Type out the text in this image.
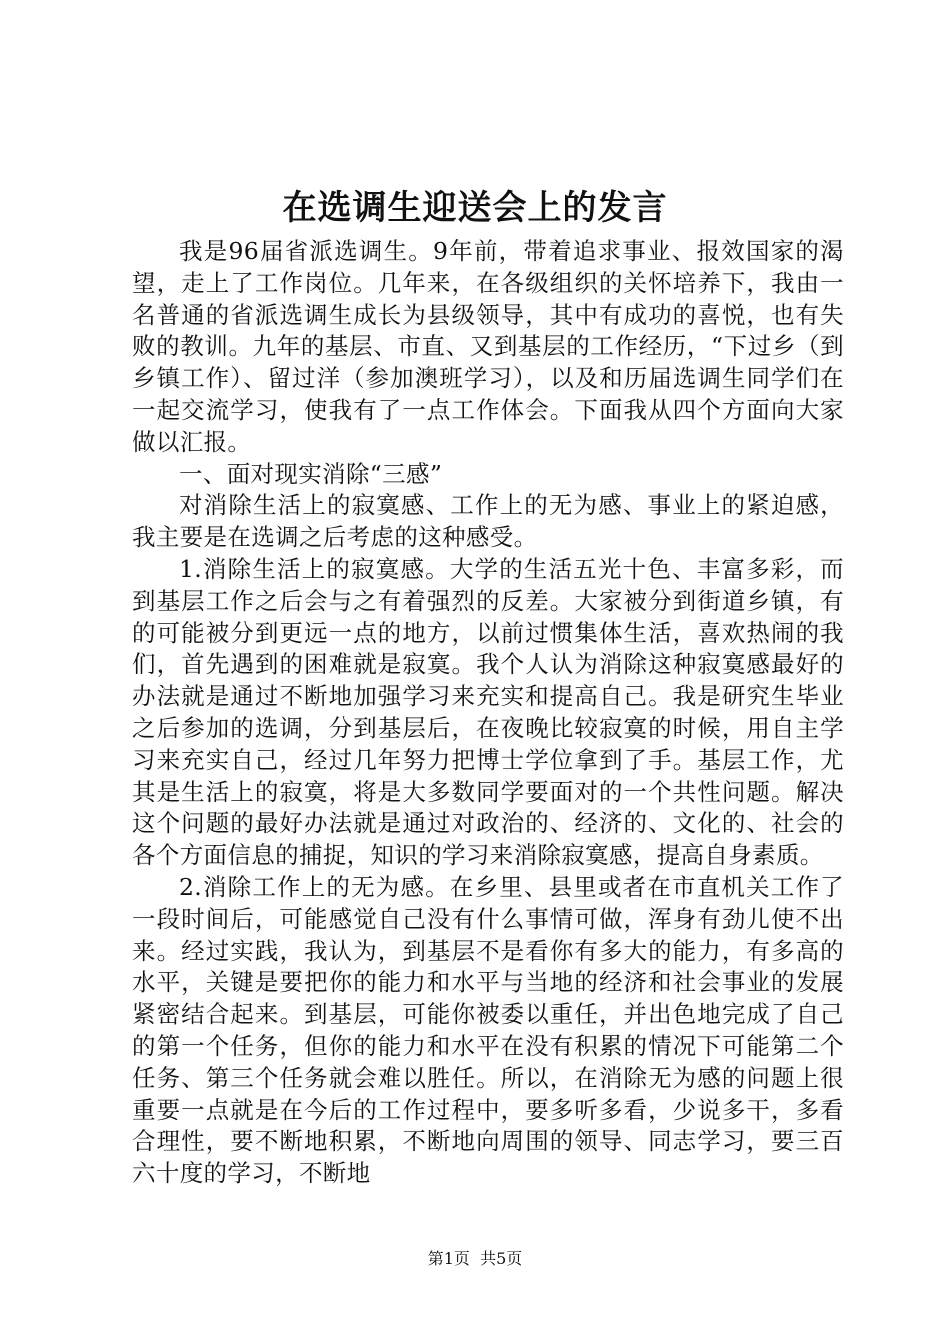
在选调生迎送会上的发言

我是96届省派选调生。9年前，带着追求事业、报效国家的渴望，走上了工作岗位。几年来，在各级组织的关怀培养下，我由一名普通的省派选调生成长为县级领导，其中有成功的喜悦，也有失败的教训。九年的基层、市直、又到基层的工作经历，“下过乡（到乡镇工作）、留过洋（参加澳班学习），以及和历届选调生同学们在一起交流学习，使我有了一点工作体会。下面我从四个方面向大家做以汇报。

一、面对现实消除“三感”

对消除生活上的寂寞感、工作上的无为感、事业上的紧迫感，我主要是在选调之后考虑的这种感受。

1.消除生活上的寂寞感。大学的生活五光十色、丰富多彩，而到基层工作之后会与之有着强烈的反差。大家被分到街道乡镇，有的可能被分到更远一点的地方，以前过惯集体生活，喜欢热闹的我们，首先遇到的困难就是寂寞。我个人认为消除这种寂寞感最好的办法就是通过不断地加强学习来充实和提高自己。我是研究生毕业之后参加的选调，分到基层后，在夜晚比较寂寞的时候，用自主学习来充实自己，经过几年努力把博士学位拿到了手。基层工作，尤其是生活上的寂寞，将是大多数同学要面对的一个共性问题。解决这个问题的最好办法就是通过对政治的、经济的、文化的、社会的各个方面信息的捕捉，知识的学习来消除寂寞感，提高自身素质。

2.消除工作上的无为感。在乡里、县里或者在市直机关工作了一段时间后，可能感觉自己没有什么事情可做，浑身有劲儿使不出来。经过实践，我认为，到基层不是看你有多大的能力，有多高的水平，关键是要把你的能力和水平与当地的经济和社会事业的发展紧密结合起来。到基层，可能你被委以重任，并出色地完成了自己的第一个任务，但你的能力和水平在没有积累的情况下可能第二个任务、第三个任务就会难以胜任。所以，在消除无为感的问题上很重要一点就是在今后的工作过程中，要多听多看，少说多干，多看合理性，要不断地积累，不断地向周围的领导、同志学习，要三百六十度的学习，不断地

第1页  共5页
